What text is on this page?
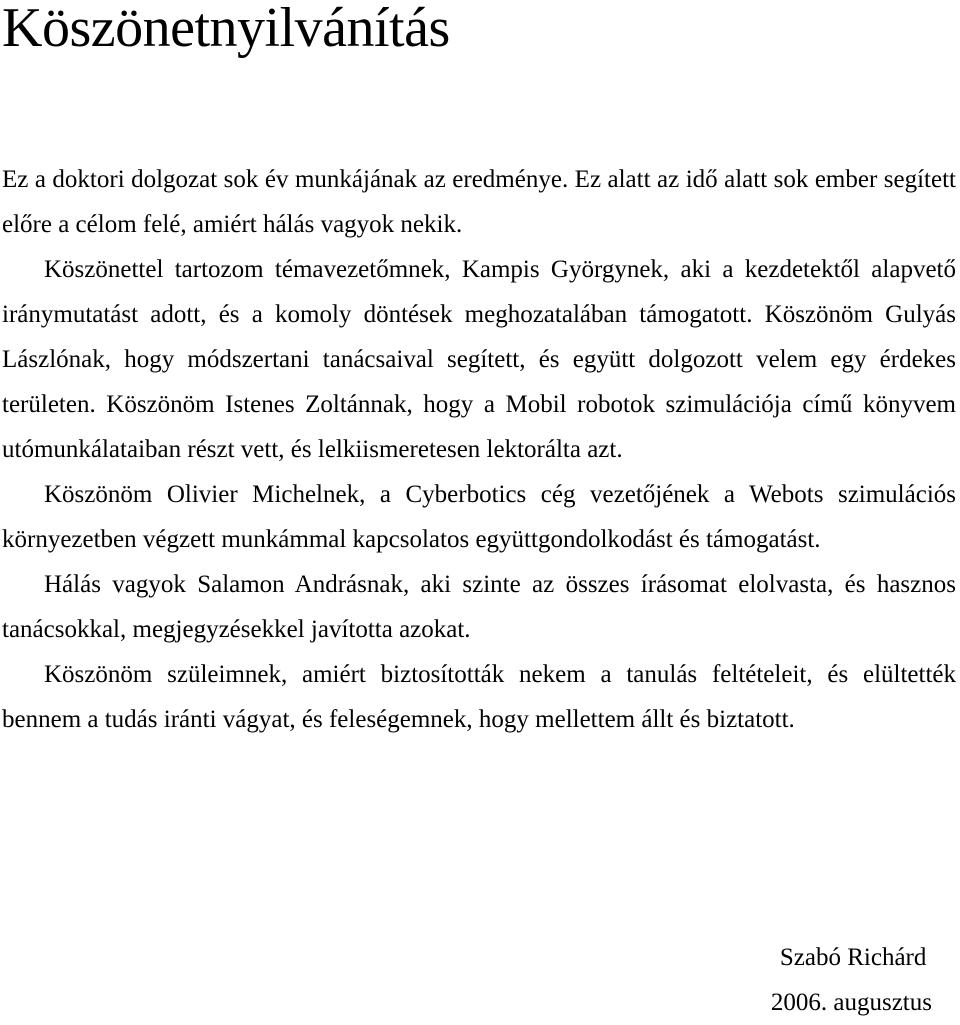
Köszönetnyilvánítás

Ez a doktori dolgozat sok év munkájának az eredménye. Ez alatt az idő alatt sok ember segített előre a célom felé, amiért hálás vagyok nekik.

Köszönettel tartozom témavezetőmnek, Kampis Györgynek, aki a kezdetektől alapvető iránymutatást adott, és a komoly döntések meghozatalában támogatott. Köszönöm Gulyás Lászlónak, hogy módszertani tanácsaival segített, és együtt dolgozott velem egy érdekes területen. Köszönöm Istenes Zoltánnak, hogy a Mobil robotok szimulációja című könyvem utómunkálataiban részt vett, és lelkiismeretesen lektorálta azt.

Köszönöm Olivier Michelnek, a Cyberbotics cég vezetőjének a Webots szimulációs környezetben végzett munkámmal kapcsolatos együttgondolkodást és támogatást.

Hálás vagyok Salamon Andrásnak, aki szinte az összes írásomat elolvasta, és hasznos tanácsokkal, megjegyzésekkel javította azokat.

Köszönöm szüleimnek, amiért biztosították nekem a tanulás feltételeit, és elültették bennem a tudás iránti vágyat, és feleségemnek, hogy mellettem állt és biztatott.

Szabó Richárd
2006. augusztus
